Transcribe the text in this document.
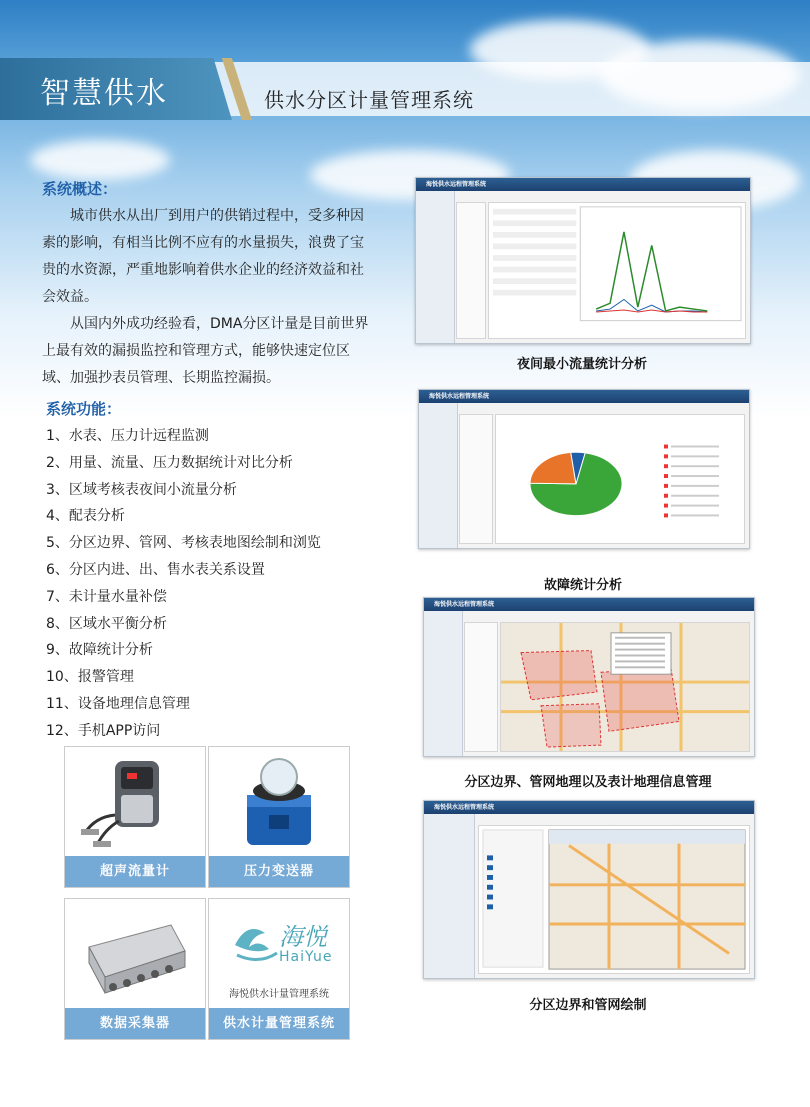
智慧供水	供水分区计量管理系统
系统概述：
城市供水从出厂到用户的供销过程中，受多种因素的影响，有相当比例不应有的水量损失，浪费了宝贵的水资源，严重地影响着供水企业的经济效益和社会效益。
从国内外成功经验看，DMA分区计量是目前世界上最有效的漏损监控和管理方式，能够快速定位区域、加强抄表员管理、长期监控漏损。
系统功能：
1、水表、压力计远程监测
2、用量、流量、压力数据统计对比分析
3、区域考核表夜间小流量分析
4、配表分析
5、分区边界、管网、考核表地图绘制和浏览
6、分区内进、出、售水表关系设置
7、未计量水量补偿
8、区域水平衡分析
9、故障统计分析
10、报警管理
11、设备地理信息管理
12、手机APP访问
超声流量计	压力变送器
数据采集器
海悦
HaiYue
海悦供水计量管理系统
供水计量管理系统
海悦供水远程管理系统
夜间最小流量统计分析
海悦供水远程管理系统
故障统计分析
海悦供水远程管理系统
分区边界、管网地理以及表计地理信息管理
海悦供水远程管理系统
分区边界和管网绘制
